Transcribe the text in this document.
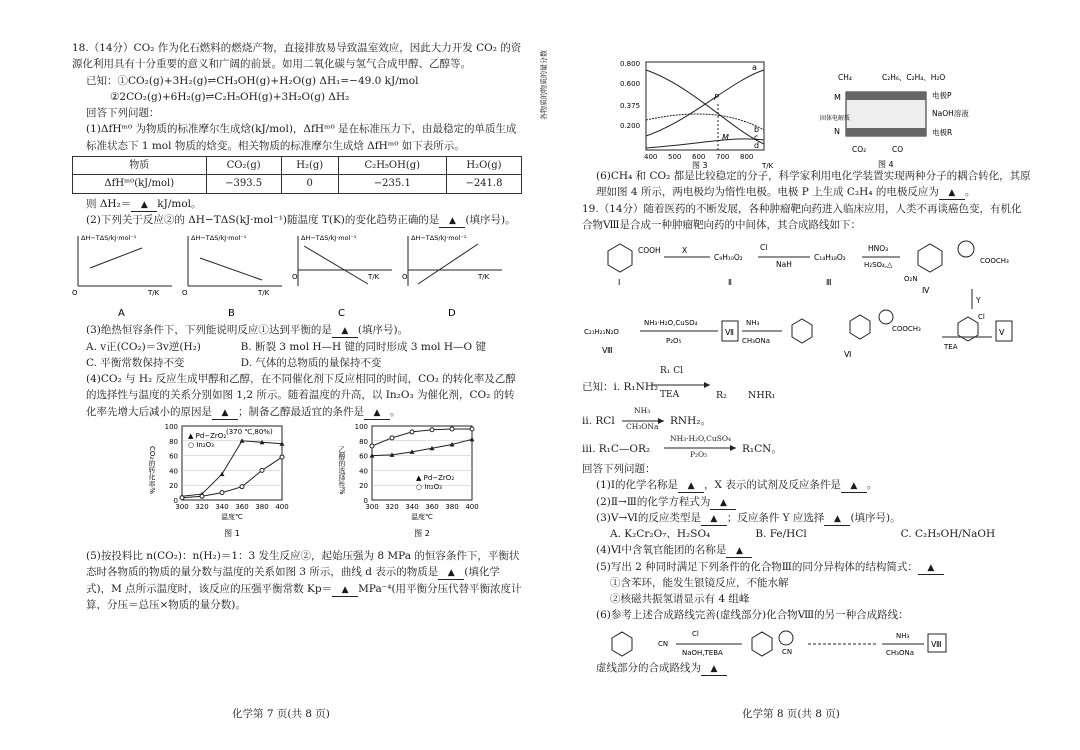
18.（14分）CO₂ 作为化石燃料的燃烧产物，直接排放易导致温室效应，因此大力开发 CO₂ 的资源化利用具有十分重要的意义和广阔的前景。如用二氧化碳与氢气合成甲醇、乙醇等。

已知：①CO₂(g)+3H₂(g)⇌CH₃OH(g)+H₂O(g) ΔH₁=−49.0 kJ/mol

②2CO₂(g)+6H₂(g)⇌C₂H₅OH(g)+3H₂O(g) ΔH₂

回答下列问题：

(1)ΔfHᵐ⁰ 为物质的标准摩尔生成焓(kJ/mol)，ΔfHᵐ⁰ 是在标准压力下，由最稳定的单质生成标准状态下 1 mol 物质的焓变。相关物质的标准摩尔生成焓 ΔfHᵐ⁰ 如下表所示。

物质	CO₂(g)	H₂(g)	C₂H₅OH(g)	H₂O(g)
ΔfHᵐ⁰(kJ/mol)	−393.5	0	−235.1	−241.8

则 ΔH₂＝ ▲ kJ/mol。

(2)下列关于反应②的 ΔH−TΔS(kJ·mol⁻¹)随温度 T(K)的变化趋势正确的是 ▲ (填序号)。

ΔH−TΔS/kJ·mol⁻¹
T/K
O
A
ΔH−TΔS/kJ·mol⁻¹
T/K
O
B
ΔH−TΔS/kJ·mol⁻¹
T/K
O
C
ΔH−TΔS/kJ·mol⁻¹
T/K
O
D

(3)绝热恒容条件下，下列能说明反应①达到平衡的是 ▲ (填序号)。

A. v正(CO₂)＝3v逆(H₂)	B. 断裂 3 mol H—H 键的同时形成 3 mol H—O 键
C. 平衡常数保持不变	D. 气体的总物质的量保持不变

(4)CO₂ 与 H₂ 反应生成甲醇和乙醇，在不同催化剂下反应相同的时间，CO₂ 的转化率及乙醇的选择性与温度的关系分别如图 1,2 所示。随着温度的升高，以 In₂O₃ 为催化剂，CO₂ 的转化率先增大后减小的原因是 ▲ ；制备乙醇最适宜的条件是 ▲ 。

0
20
40
60
80
100
300 320 340 360 380 400
温度℃
图 1
CO₂的转化率%
▲ Pd−ZrO₂
○ In₂O₃
(370 ℃,80%)
0
20
40
60
80
100
300 320 340 360 380 400
温度℃
图 2
乙醇的选择性%	▲ Pd−ZrO₂
○ In₂O₃

(5)按投料比 n(CO₂)：n(H₂)＝1：3 发生反应②，起始压强为 8 MPa 的恒容条件下，平衡状态时各物质的物质的量分数与温度的关系如图 3 所示，曲线 d 表示的物质是 ▲ (填化学式)，M 点所示温度时，该反应的压强平衡常数 Kp＝ ▲ MPa⁻⁴(用平衡分压代替平衡浓度计算，分压＝总压×物质的量分数)。

化学第 7 页(共 8 页)
各物质的物质的量分数	0.800
0.600
0.375
0.200
a
P
M
b
c
d
400 500 600 700 800
T/K
图 3
CH₄	C₂H₆、C₂H₄、H₂O
电极P
NaOH溶液
电极R
M
N
固体电解质
CO₂	CO
图 4

(6)CH₄ 和 CO₂ 都是比较稳定的分子，科学家利用电化学装置实现两种分子的耦合转化，其原理如图 4 所示，两电极均为惰性电极。电极 P 上生成 C₂H₄ 的电极反应为 ▲ 。

19.（14分）随着医药的不断发展，各种肿瘤靶向药进入临床应用，人类不再谈癌色变，有机化合物Ⅷ是合成一种肿瘤靶向药的中间体，其合成路线如下：

COOH	X
C₉H₁₀O₂
Cl
NaH
C₁₄H₁₈O₂
HNO₃
H₂SO₄,△
O₂N
COOCH₃
Ⅰ	Ⅱ	Ⅲ
Ⅳ
Y
Ⅴ
Cl
TEA
COOCH₃
Ⅵ
NH₃
CH₃ONa
Ⅶ
NH₃·H₂O,CuSO₄
P₂O₅
C₂₁H₂₁N₂O
Ⅷ
已知：ⅰ. R₁NH₂
R₁ Cl
TEA	R₂ NHR₁
ⅱ. RCl
NH₃
CH₃ONa RNH₂。
ⅲ. R₁C—OR₂
NH₃·H₂O,CuSO₄
P₂O₅	R₁CN。

回答下列问题：

(1)Ⅰ的化学名称是 ▲ ，X 表示的试剂及反应条件是 ▲ 。

(2)Ⅱ→Ⅲ的化学方程式为 ▲

(3)Ⅴ→Ⅵ的反应类型是 ▲ ；反应条件 Y 应选择 ▲ (填序号)。

A. K₂Cr₂O₇、H₂SO₄	B. Fe/HCl	C. C₂H₅OH/NaOH

(4)Ⅵ中含氧官能团的名称是 ▲

(5)写出 2 种同时满足下列条件的化合物Ⅲ的同分异构体的结构简式： ▲

①含苯环，能发生银镜反应，不能水解

②核磁共振氢谱显示有 4 组峰

(6)参考上述合成路线完善(虚线部分)化合物Ⅷ的另一种合成路线：

CN
Cl
NaOH,TEBA	CN
NH₃
CH₃ONa
Ⅷ

虚线部分的合成路线为 ▲

化学第 8 页(共 8 页)
